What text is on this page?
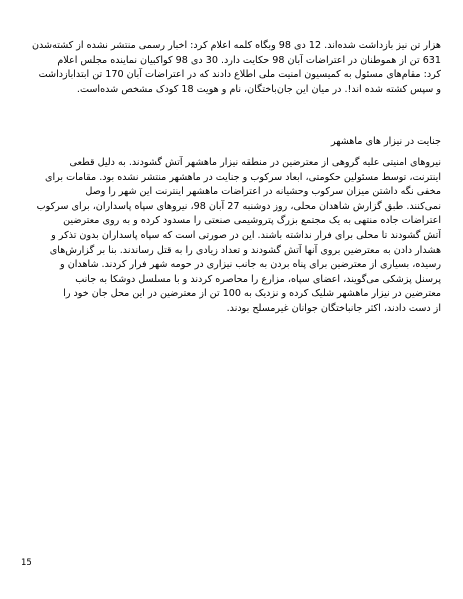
هزار تن نیز بازداشت شده‌اند. 12 دی 98 وبگاه کلمه اعلام کرد: اخبار رسمی منتشر نشده از کشته‌شدن
631 تن از هموطنان در اعتراضات آبان 98 حکایت دارد. 30 دی 98 کواکبیان نماینده مجلس اعلام
کرد: مقام‌های مسئول به کمیسیون امنیت ملی اطلاع دادند که در اعتراضات آبان 170 تن ابتدا‌بازداشت
و سپس کشته شده اند!. در میان این جان‌باختگان، نام و هویت 18 کودک مشخص شده‌است.
جنایت در نیزار های ماهشهر
نیروهای امنیتی علیه گروهی از معترضین در منطقه نیزار ماهشهر آتش گشودند. به دلیل قطعی
اینترنت، توسط مسئولین حکومتی، ابعاد سرکوب و جنایت در ماهشهر منتشر نشده بود. مقامات برای
مخفی نگه داشتن میزان سرکوب وحشیانه در اعتراضات ماهشهر اینترنت این شهر را وصل
نمی‌کنند. طبق گزارش شاهدان محلی، روز دوشنبه 27 آبان 98، نیروهای سپاه پاسداران، برای سرکوب
اعتراضات جاده منتهی به یک مجتمع بزرگ پتروشیمی صنعتی را مسدود کرده و به روی معترضین
آتش گشودند تا محلی برای فرار نداشته باشند. این در صورتی است که سپاه پاسداران بدون تذکر و
هشدار دادن به معترضین بروی آنها آتش گشودند و تعداد زیادی را به قتل رساندند. بنا بر گزارش‌های
رسیده، بسیاری از معترضین برای پناه بردن به جانب نیزاری در حومه شهر فرار کردند. شاهدان و
پرسنل پزشکی می‌گویند، اعضای سپاه، مزارع را محاصره کردند و با مسلسل دوشکا به جانب
معترضین در نیزار ماهشهر شلیک کرده و نزدیک به 100 تن از معترضین در این محل جان خود را
از دست دادند، اکثر جانباختگان جوانان غیرمسلح بودند.
15
